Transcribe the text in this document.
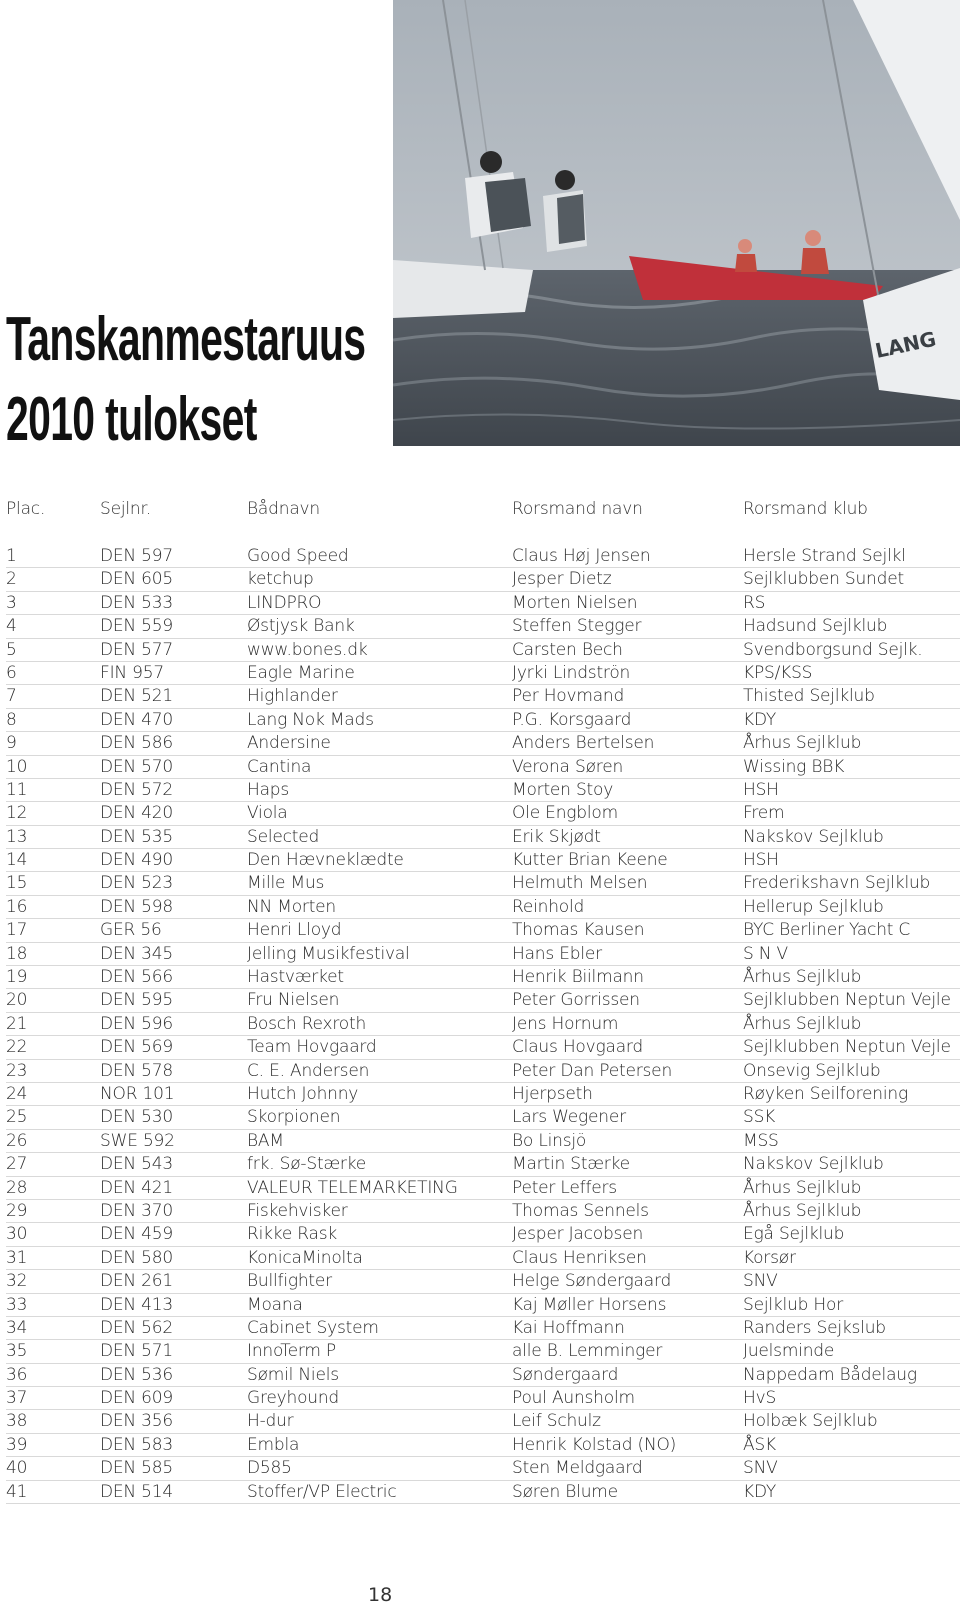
Tanskanmestaruus
2010 tulokset
LANG
Plac.	Sejlnr.	Bådnavn	Rorsmand navn	Rorsmand klub
1	DEN 597	Good Speed	Claus Høj Jensen	Hersle Strand Sejlkl
2	DEN 605	ketchup	Jesper Dietz	Sejlklubben Sundet
3	DEN 533	LINDPRO	Morten Nielsen	RS
4	DEN 559	Østjysk Bank	Steffen Stegger	Hadsund Sejlklub
5	DEN 577	www.bones.dk	Carsten Bech	Svendborgsund Sejlk.
6	FIN 957	Eagle Marine	Jyrki Lindströn	KPS/KSS
7	DEN 521	Highlander	Per Hovmand	Thisted Sejlklub
8	DEN 470	Lang Nok Mads	P.G. Korsgaard	KDY
9	DEN 586	Andersine	Anders Bertelsen	Århus Sejlklub
10	DEN 570	Cantina	Verona Søren	Wissing BBK
11	DEN 572	Haps	Morten Stoy	HSH
12	DEN 420	Viola	Ole Engblom	Frem
13	DEN 535	Selected	Erik Skjødt	Nakskov Sejlklub
14	DEN 490	Den Hævneklædte	Kutter Brian Keene	HSH
15	DEN 523	Mille Mus	Helmuth Melsen	Frederikshavn Sejlklub
16	DEN 598	NN Morten	Reinhold	Hellerup Sejlklub
17	GER 56	Henri Lloyd	Thomas Kausen	BYC Berliner Yacht C
18	DEN 345	Jelling Musikfestival	Hans Ebler	S N V
19	DEN 566	Hastværket	Henrik Biilmann	Århus Sejlklub
20	DEN 595	Fru Nielsen	Peter Gorrissen	Sejlklubben Neptun Vejle
21	DEN 596	Bosch Rexroth	Jens Hornum	Århus Sejlklub
22	DEN 569	Team Hovgaard	Claus Hovgaard	Sejlklubben Neptun Vejle
23	DEN 578	C. E. Andersen	Peter Dan Petersen	Onsevig Sejlklub
24	NOR 101	Hutch Johnny	Hjerpseth	Røyken Seilforening
25	DEN 530	Skorpionen	Lars Wegener	SSK
26	SWE 592	BAM	Bo Linsjö	MSS
27	DEN 543	frk. Sø-Stærke	Martin Stærke	Nakskov Sejlklub
28	DEN 421	VALEUR TELEMARKETING	Peter Leffers	Århus Sejlklub
29	DEN 370	Fiskehvisker	Thomas Sennels	Århus Sejlklub
30	DEN 459	Rikke Rask	Jesper Jacobsen	Egå Sejlklub
31	DEN 580	KonicaMinolta	Claus Henriksen	Korsør
32	DEN 261	Bullfighter	Helge Søndergaard	SNV
33	DEN 413	Moana	Kaj Møller Horsens	Sejlklub Hor
34	DEN 562	Cabinet System	Kai Hoffmann	Randers Sejkslub
35	DEN 571	InnoTerm P	alle B. Lemminger	Juelsminde
36	DEN 536	Sømil Niels	Søndergaard	Nappedam Bådelaug
37	DEN 609	Greyhound	Poul Aunsholm	HvS
38	DEN 356	H-dur	Leif Schulz	Holbæk Sejlklub
39	DEN 583	Embla	Henrik Kolstad (NO)	ÅSK
40	DEN 585	D585	Sten Meldgaard	SNV
41	DEN 514	Stoffer/VP Electric	Søren Blume	KDY
18
